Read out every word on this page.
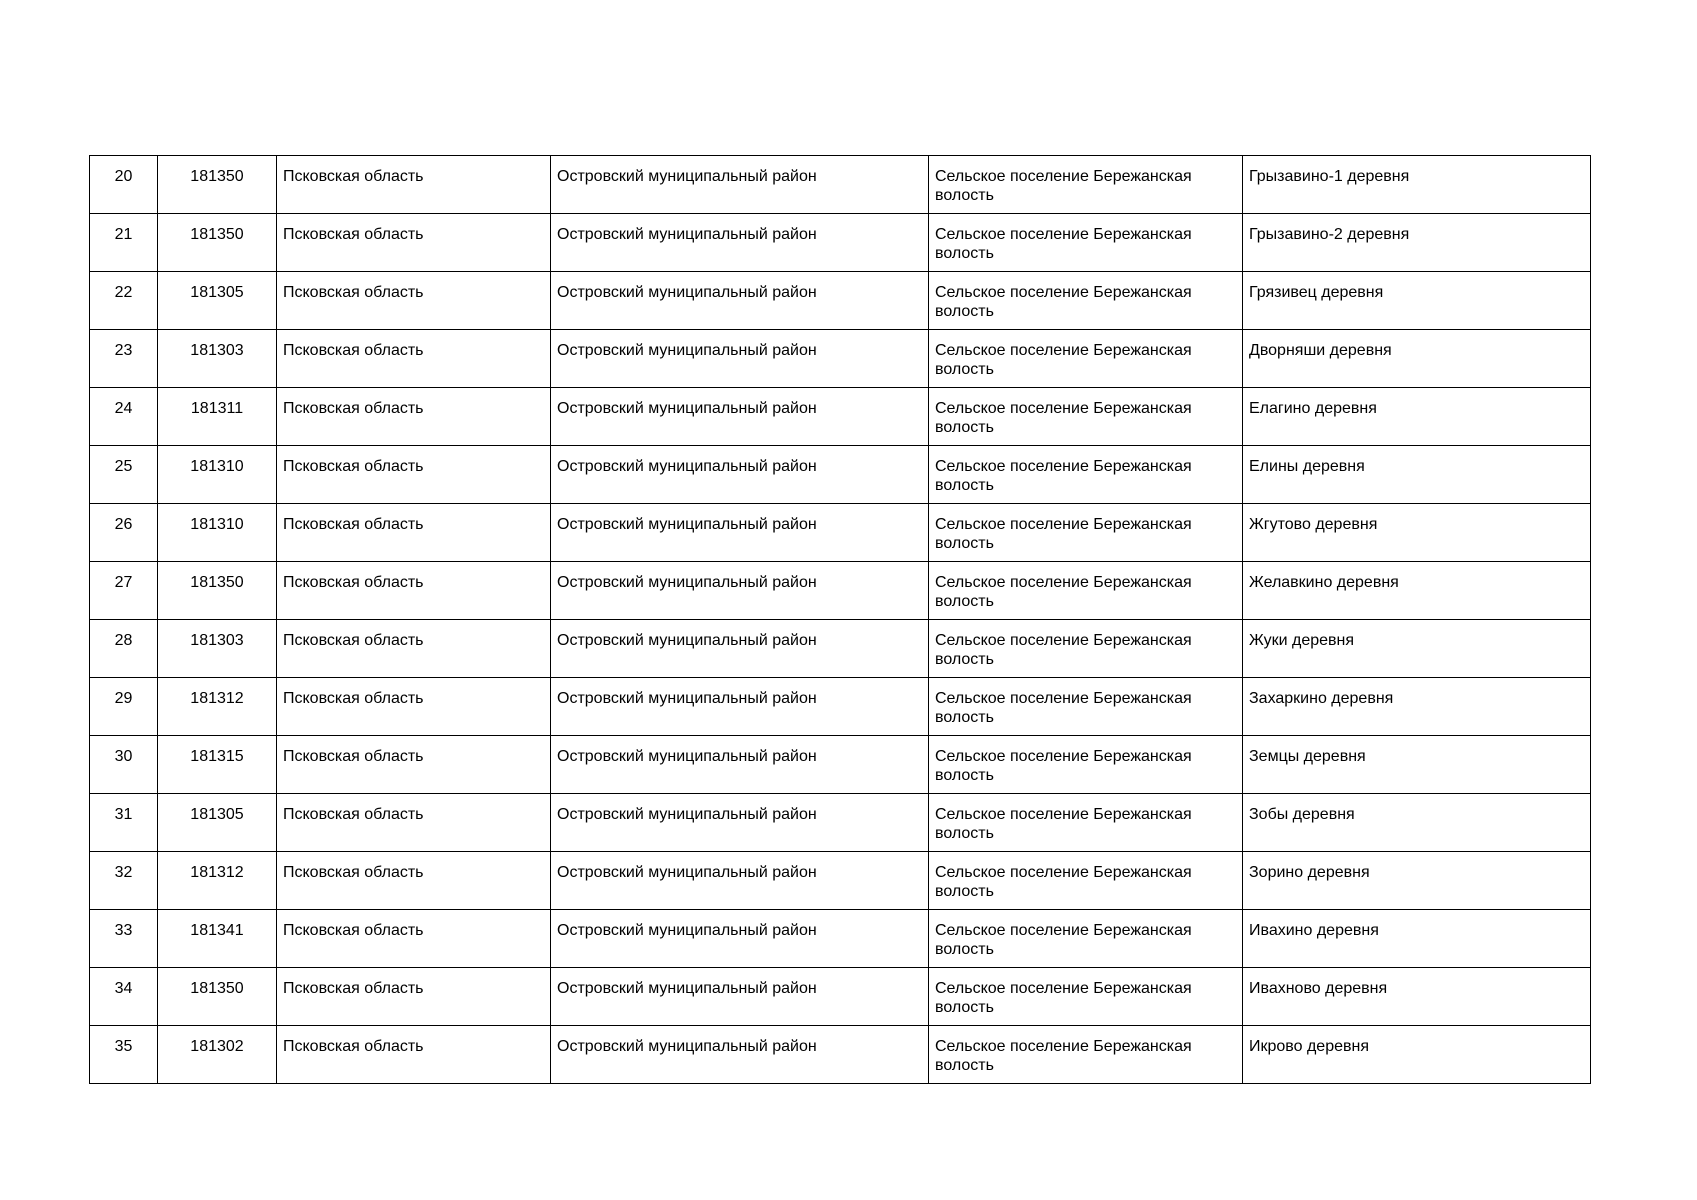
20	181350	Псковская область	Островский муниципальный район	Сельское поселение Бережанская волость	Грызавино-1 деревня
21	181350	Псковская область	Островский муниципальный район	Сельское поселение Бережанская волость	Грызавино-2 деревня
22	181305	Псковская область	Островский муниципальный район	Сельское поселение Бережанская волость	Грязивец деревня
23	181303	Псковская область	Островский муниципальный район	Сельское поселение Бережанская волость	Дворняши деревня
24	181311	Псковская область	Островский муниципальный район	Сельское поселение Бережанская волость	Елагино деревня
25	181310	Псковская область	Островский муниципальный район	Сельское поселение Бережанская волость	Елины деревня
26	181310	Псковская область	Островский муниципальный район	Сельское поселение Бережанская волость	Жгутово деревня
27	181350	Псковская область	Островский муниципальный район	Сельское поселение Бережанская волость	Желавкино деревня
28	181303	Псковская область	Островский муниципальный район	Сельское поселение Бережанская волость	Жуки деревня
29	181312	Псковская область	Островский муниципальный район	Сельское поселение Бережанская волость	Захаркино деревня
30	181315	Псковская область	Островский муниципальный район	Сельское поселение Бережанская волость	Земцы деревня
31	181305	Псковская область	Островский муниципальный район	Сельское поселение Бережанская волость	Зобы деревня
32	181312	Псковская область	Островский муниципальный район	Сельское поселение Бережанская волость	Зорино деревня
33	181341	Псковская область	Островский муниципальный район	Сельское поселение Бережанская волость	Ивахино деревня
34	181350	Псковская область	Островский муниципальный район	Сельское поселение Бережанская волость	Ивахново деревня
35	181302	Псковская область	Островский муниципальный район	Сельское поселение Бережанская волость	Икрово деревня
